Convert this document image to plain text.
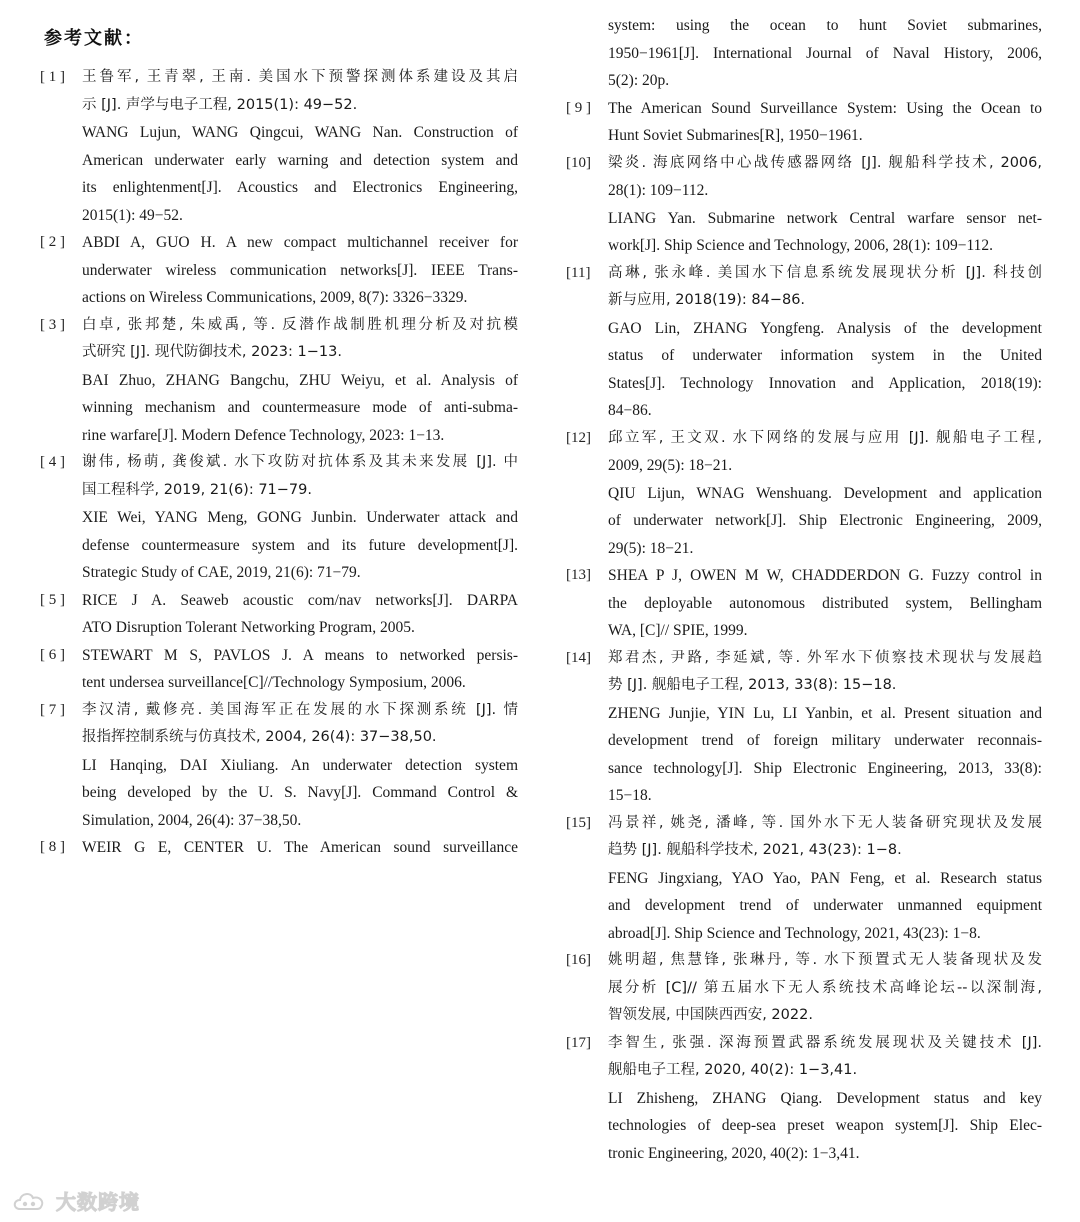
参考文献：
[ 1 ]	王鲁军, 王青翠, 王南. 美国水下预警探测体系建设及其启
示 [J]. 声学与电子工程, 2015(1): 49−52.
WANG Lujun, WANG Qingcui, WANG Nan. Construction of
American underwater early warning and detection system and
its enlightenment[J]. Acoustics and Electronics Engineering,
2015(1): 49−52.
[ 2 ]	ABDI A, GUO H. A new compact multichannel receiver for
underwater wireless communication networks[J]. IEEE Trans-
actions on Wireless Communications, 2009, 8(7): 3326−3329.
[ 3 ]	白卓, 张邦楚, 朱威禹, 等. 反潜作战制胜机理分析及对抗模
式研究 [J]. 现代防御技术, 2023: 1−13.
BAI Zhuo, ZHANG Bangchu, ZHU Weiyu, et al. Analysis of
winning mechanism and countermeasure mode of anti-subma-
rine warfare[J]. Modern Defence Technology, 2023: 1−13.
[ 4 ]	谢伟, 杨萌, 龚俊斌. 水下攻防对抗体系及其未来发展 [J]. 中
国工程科学, 2019, 21(6): 71−79.
XIE Wei, YANG Meng, GONG Junbin. Underwater attack and
defense countermeasure system and its future development[J].
Strategic Study of CAE, 2019, 21(6): 71−79.
[ 5 ]	RICE J A. Seaweb acoustic com/nav networks[J]. DARPA
ATO Disruption Tolerant Networking Program, 2005.
[ 6 ]	STEWART M S, PAVLOS J. A means to networked persis-
tent undersea surveillance[C]//Technology Symposium, 2006.
[ 7 ]	李汉清, 戴修亮. 美国海军正在发展的水下探测系统 [J]. 情
报指挥控制系统与仿真技术, 2004, 26(4): 37−38,50.
LI Hanqing, DAI Xiuliang. An underwater detection system
being developed by the U. S. Navy[J]. Command Control &
Simulation, 2004, 26(4): 37−38,50.
[ 8 ]	WEIR G E, CENTER U. The American sound surveillance
system: using the ocean to hunt Soviet submarines,
1950−1961[J]. International Journal of Naval History, 2006,
5(2): 20p.
[ 9 ]	The American Sound Surveillance System: Using the Ocean to
Hunt Soviet Submarines[R], 1950−1961.
[10]	梁炎. 海底网络中心战传感器网络 [J]. 舰船科学技术, 2006,
28(1): 109−112.
LIANG Yan. Submarine network Central warfare sensor net-
work[J]. Ship Science and Technology, 2006, 28(1): 109−112.
[11]	高琳, 张永峰. 美国水下信息系统发展现状分析 [J]. 科技创
新与应用, 2018(19): 84−86.
GAO Lin, ZHANG Yongfeng. Analysis of the development
status of underwater information system in the United
States[J]. Technology Innovation and Application, 2018(19):
84−86.
[12]	邱立军, 王文双. 水下网络的发展与应用 [J]. 舰船电子工程,
2009, 29(5): 18−21.
QIU Lijun, WNAG Wenshuang. Development and application
of underwater network[J]. Ship Electronic Engineering, 2009,
29(5): 18−21.
[13]	SHEA P J, OWEN M W, CHADDERDON G. Fuzzy control in
the deployable autonomous distributed system, Bellingham
WA, [C]// SPIE, 1999.
[14]	郑君杰, 尹路, 李延斌, 等. 外军水下侦察技术现状与发展趋
势 [J]. 舰船电子工程, 2013, 33(8): 15−18.
ZHENG Junjie, YIN Lu, LI Yanbin, et al. Present situation and
development trend of foreign military underwater reconnais-
sance technology[J]. Ship Electronic Engineering, 2013, 33(8):
15−18.
[15]	冯景祥, 姚尧, 潘峰, 等. 国外水下无人装备研究现状及发展
趋势 [J]. 舰船科学技术, 2021, 43(23): 1−8.
FENG Jingxiang, YAO Yao, PAN Feng, et al. Research status
and development trend of underwater unmanned equipment
abroad[J]. Ship Science and Technology, 2021, 43(23): 1−8.
[16]	姚明超, 焦慧锋, 张琳丹, 等. 水下预置式无人装备现状及发
展分析 [C]// 第五届水下无人系统技术高峰论坛--以深制海,
智领发展, 中国陕西西安, 2022.
[17]	李智生, 张强. 深海预置武器系统发展现状及关键技术 [J].
舰船电子工程, 2020, 40(2): 1−3,41.
LI Zhisheng, ZHANG Qiang. Development status and key
technologies of deep-sea preset weapon system[J]. Ship Elec-
tronic Engineering, 2020, 40(2): 1−3,41.
大数跨境
